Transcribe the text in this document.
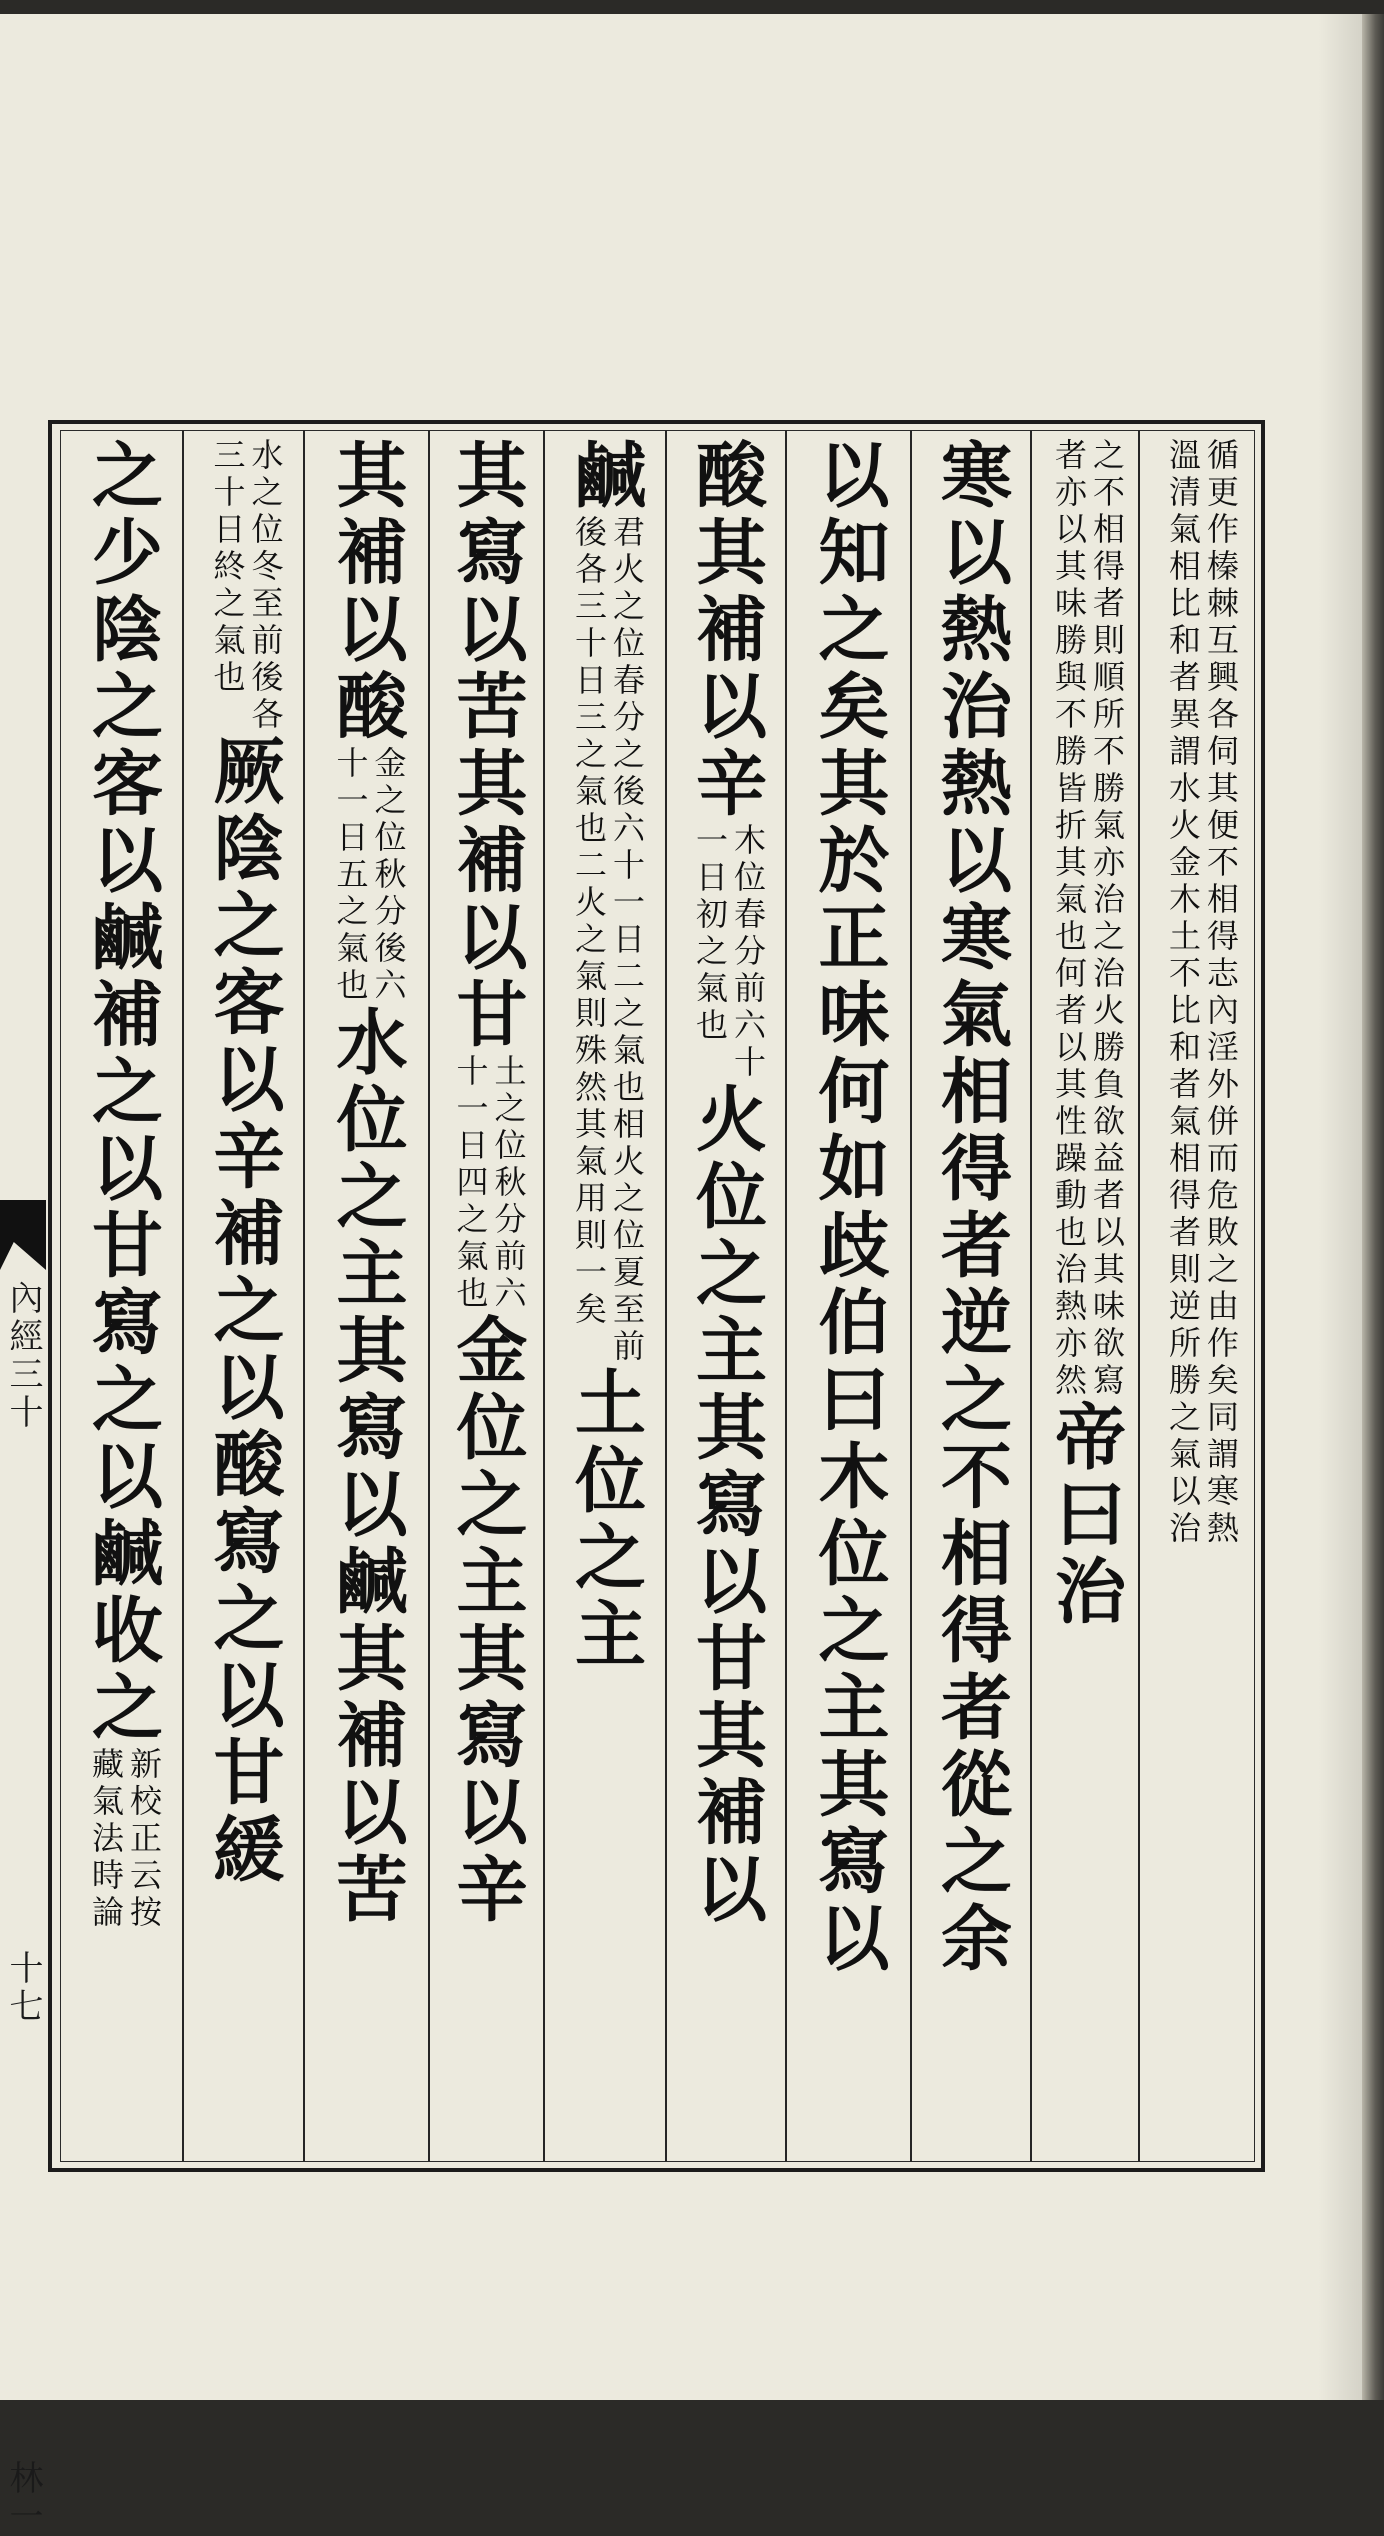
內經三十
十七
林一
循更作榛棘互興各伺其便不相得志內淫外併而危敗之由作矣同謂寒熱
溫清氣相比和者異謂水火金木土不比和者氣相得者則逆所勝之氣以治
之不相得者則順所不勝氣亦治之治火勝負欲益者以其味欲寫
者亦以其味勝與不勝皆折其氣也何者以其性躁動也治熱亦然
帝曰治
寒以熱治熱以寒氣相得者逆之不相得者從之余
以知之矣其於正味何如歧伯曰木位之主其寫以
酸其補以辛
木位春分前六十
一日初之氣也
火位之主其寫以甘其補以
鹹
君火之位春分之後六十一日二之氣也相火之位夏至前
後各三十日三之氣也二火之氣則殊然其氣用則一矣
土位之主
其寫以苦其補以甘
土之位秋分前六
十一日四之氣也
金位之主其寫以辛
其補以酸
金之位秋分後六
十一日五之氣也
水位之主其寫以鹹其補以苦
水之位冬至前後各
三十日終之氣也
厥陰之客以辛補之以酸寫之以甘緩
之少陰之客以鹹補之以甘寫之以鹹收之
新校正云按
藏氣法時論
